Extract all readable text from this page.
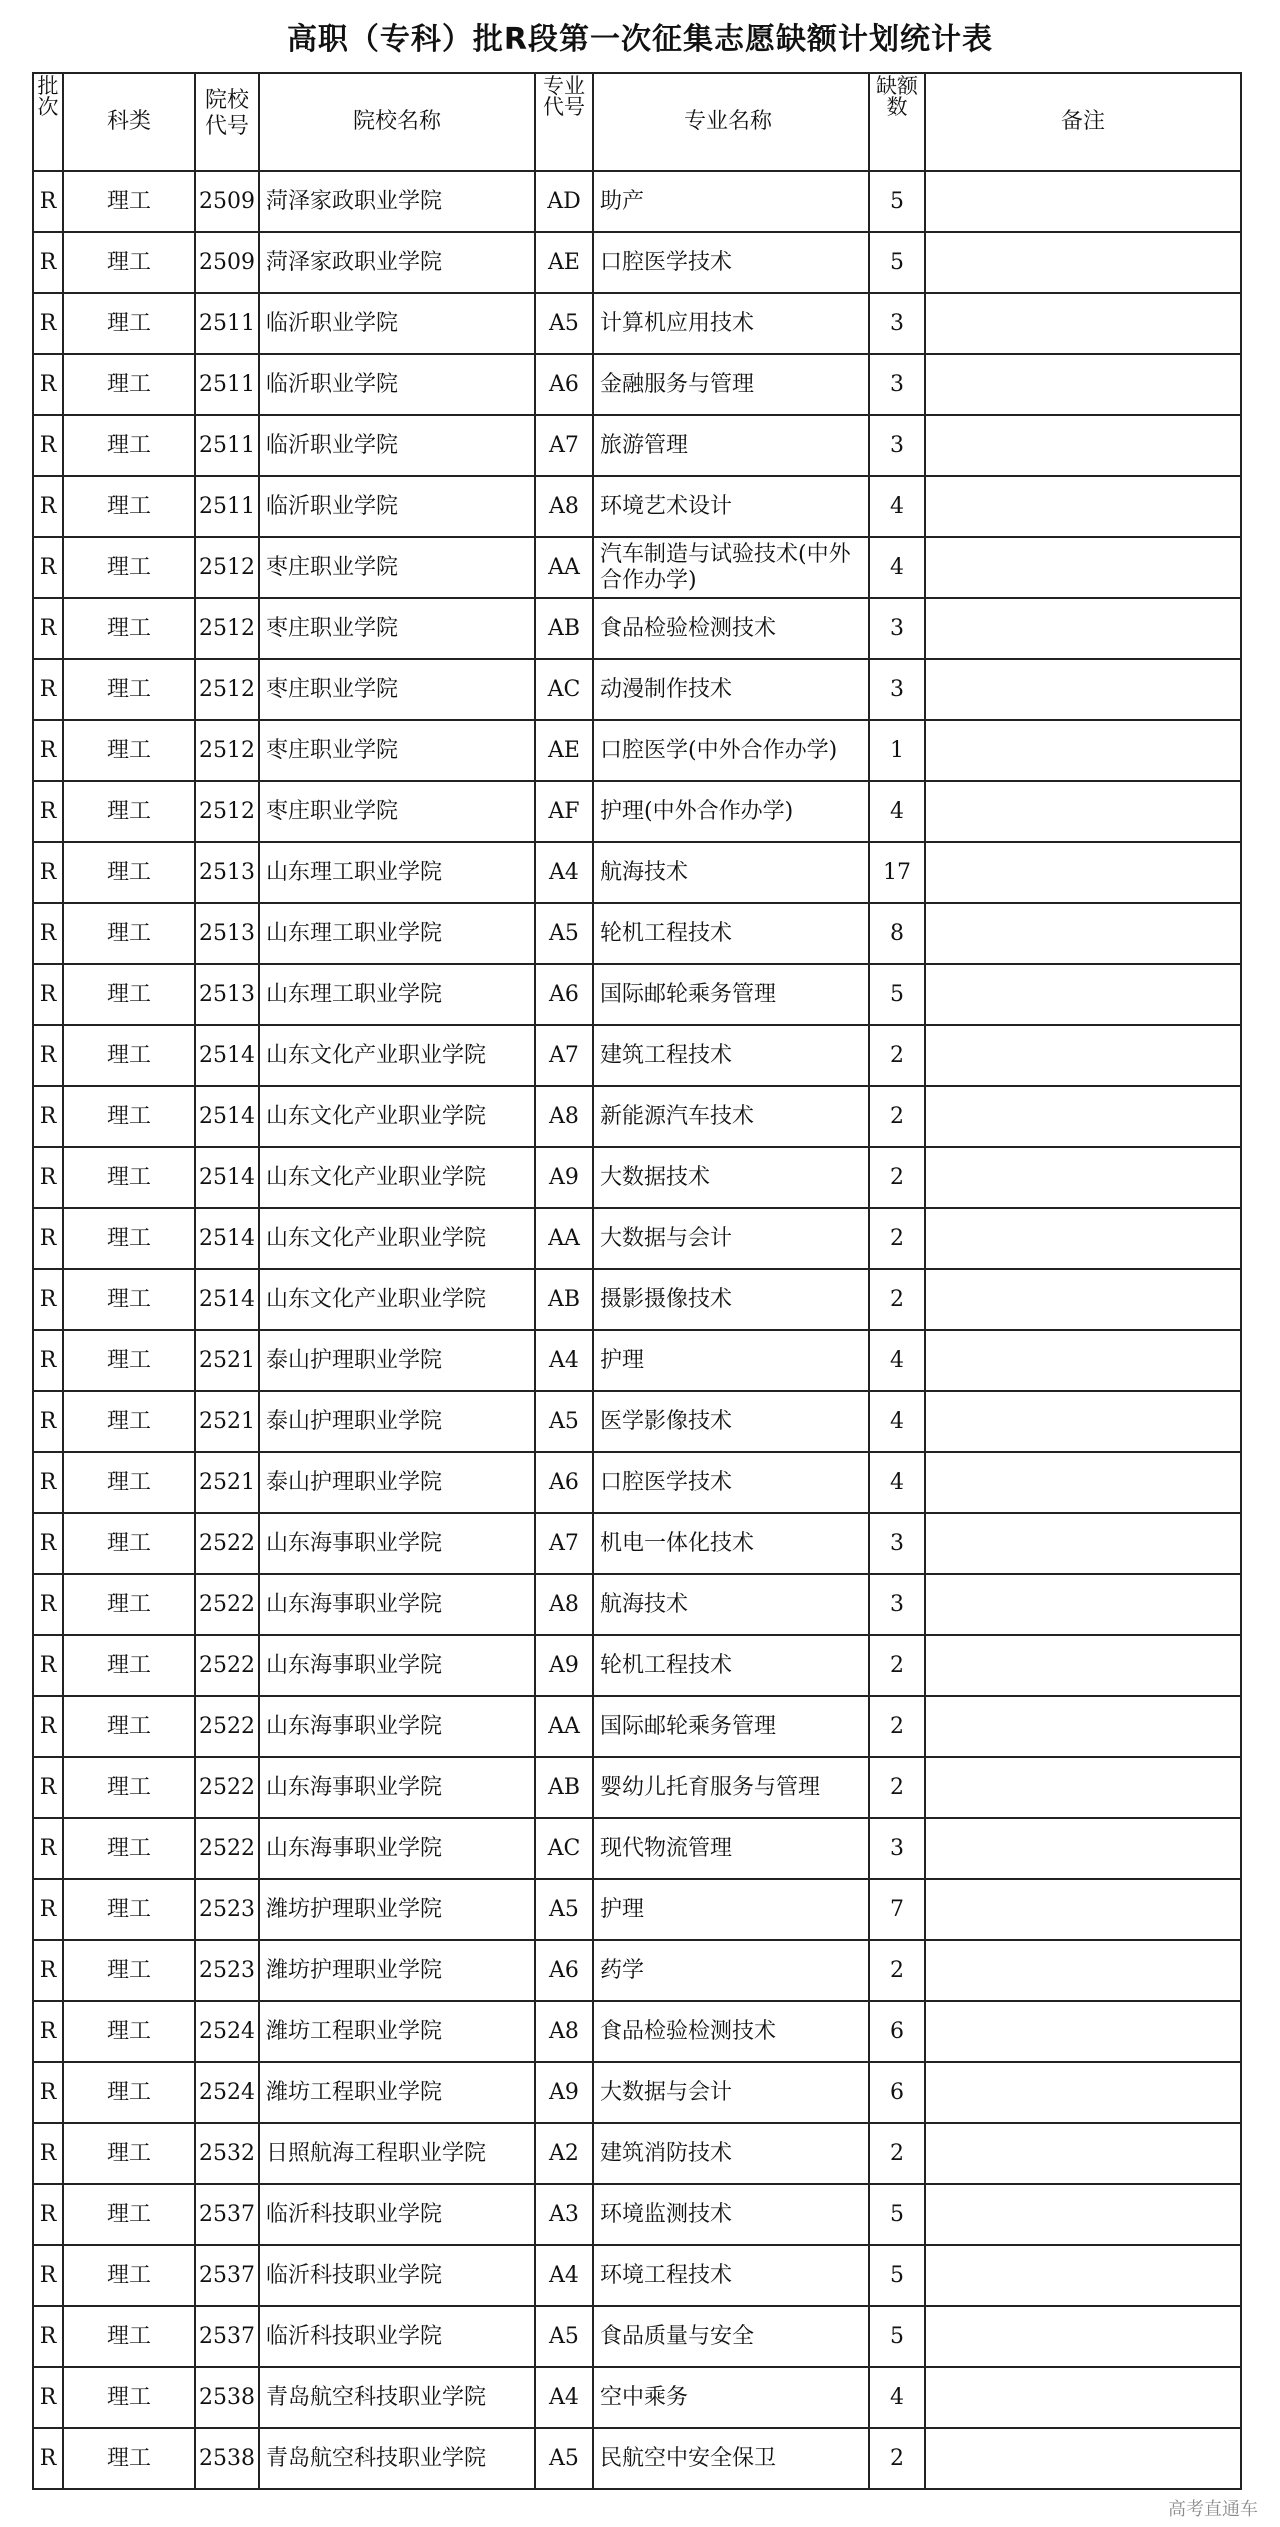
高职（专科）批R段第一次征集志愿缺额计划统计表
批次	科类	院校代号	院校名称	专业代号	专业名称	缺额数	备注
R	理工	2509	菏泽家政职业学院	AD	助产	5	
R	理工	2509	菏泽家政职业学院	AE	口腔医学技术	5	
R	理工	2511	临沂职业学院	A5	计算机应用技术	3	
R	理工	2511	临沂职业学院	A6	金融服务与管理	3	
R	理工	2511	临沂职业学院	A7	旅游管理	3	
R	理工	2511	临沂职业学院	A8	环境艺术设计	4	
R	理工	2512	枣庄职业学院	AA	汽车制造与试验技术(中外合作办学)	4	
R	理工	2512	枣庄职业学院	AB	食品检验检测技术	3	
R	理工	2512	枣庄职业学院	AC	动漫制作技术	3	
R	理工	2512	枣庄职业学院	AE	口腔医学(中外合作办学)	1	
R	理工	2512	枣庄职业学院	AF	护理(中外合作办学)	4	
R	理工	2513	山东理工职业学院	A4	航海技术	17	
R	理工	2513	山东理工职业学院	A5	轮机工程技术	8	
R	理工	2513	山东理工职业学院	A6	国际邮轮乘务管理	5	
R	理工	2514	山东文化产业职业学院	A7	建筑工程技术	2	
R	理工	2514	山东文化产业职业学院	A8	新能源汽车技术	2	
R	理工	2514	山东文化产业职业学院	A9	大数据技术	2	
R	理工	2514	山东文化产业职业学院	AA	大数据与会计	2	
R	理工	2514	山东文化产业职业学院	AB	摄影摄像技术	2	
R	理工	2521	泰山护理职业学院	A4	护理	4	
R	理工	2521	泰山护理职业学院	A5	医学影像技术	4	
R	理工	2521	泰山护理职业学院	A6	口腔医学技术	4	
R	理工	2522	山东海事职业学院	A7	机电一体化技术	3	
R	理工	2522	山东海事职业学院	A8	航海技术	3	
R	理工	2522	山东海事职业学院	A9	轮机工程技术	2	
R	理工	2522	山东海事职业学院	AA	国际邮轮乘务管理	2	
R	理工	2522	山东海事职业学院	AB	婴幼儿托育服务与管理	2	
R	理工	2522	山东海事职业学院	AC	现代物流管理	3	
R	理工	2523	潍坊护理职业学院	A5	护理	7	
R	理工	2523	潍坊护理职业学院	A6	药学	2	
R	理工	2524	潍坊工程职业学院	A8	食品检验检测技术	6	
R	理工	2524	潍坊工程职业学院	A9	大数据与会计	6	
R	理工	2532	日照航海工程职业学院	A2	建筑消防技术	2	
R	理工	2537	临沂科技职业学院	A3	环境监测技术	5	
R	理工	2537	临沂科技职业学院	A4	环境工程技术	5	
R	理工	2537	临沂科技职业学院	A5	食品质量与安全	5	
R	理工	2538	青岛航空科技职业学院	A4	空中乘务	4	
R	理工	2538	青岛航空科技职业学院	A5	民航空中安全保卫	2	
高考直通车
